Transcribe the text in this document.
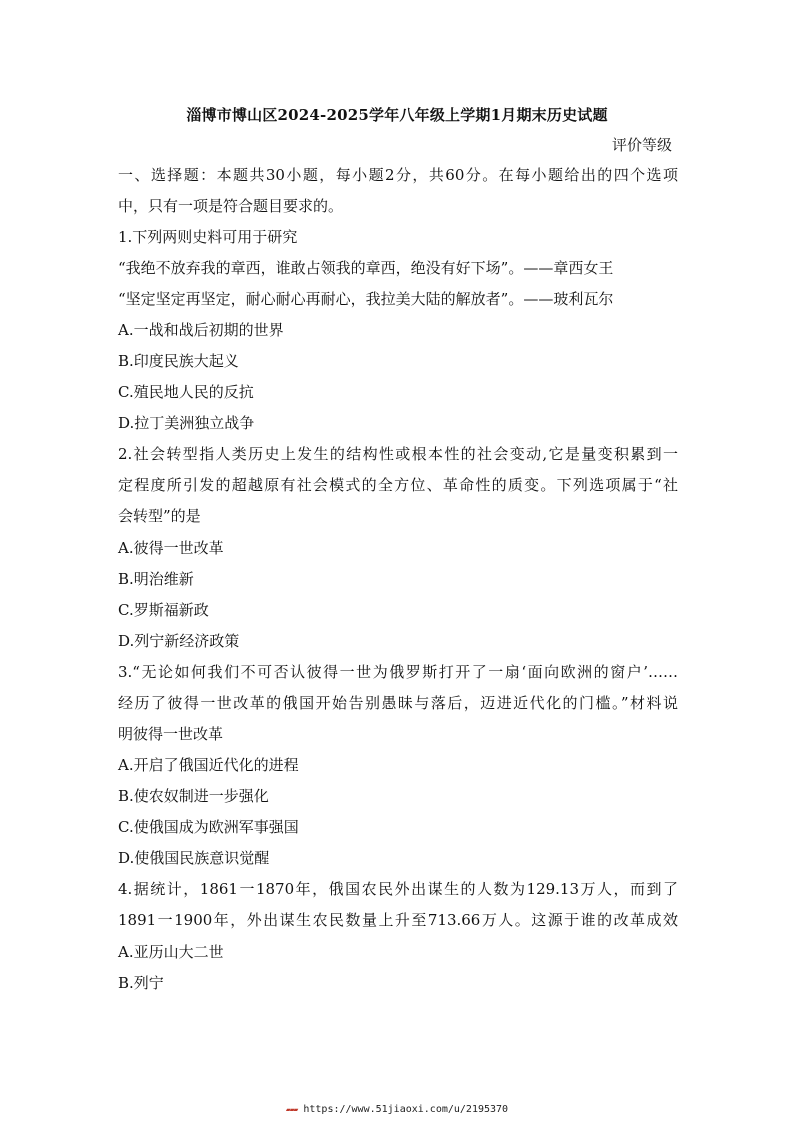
淄博市博山区2024-2025学年八年级上学期1月期末历史试题
评价等级
一、选择题：本题共30小题，每小题2分，共60分。在每小题给出的四个选项
中，只有一项是符合题目要求的。
1.下列两则史料可用于研究
“我绝不放弃我的章西，谁敢占领我的章西，绝没有好下场”。——章西女王
“坚定坚定再坚定，耐心耐心再耐心，我拉美大陆的解放者”。——玻利瓦尔
A.一战和战后初期的世界
B.印度民族大起义
C.殖民地人民的反抗
D.拉丁美洲独立战争
2.社会转型指人类历史上发生的结构性或根本性的社会变动,它是量变积累到一
定程度所引发的超越原有社会模式的全方位、革命性的质变。下列选项属于“社
会转型”的是
A.彼得一世改革
B.明治维新
C.罗斯福新政
D.列宁新经济政策
3.“无论如何我们不可否认彼得一世为俄罗斯打开了一扇‘面向欧洲的窗户’……
经历了彼得一世改革的俄国开始告别愚昧与落后，迈进近代化的门槛。”材料说
明彼得一世改革
A.开启了俄国近代化的进程
B.使农奴制进一步强化
C.使俄国成为欧洲军事强国
D.使俄国民族意识觉醒
4.据统计，1861一1870年，俄国农民外出谋生的人数为129.13万人，而到了
1891一1900年，外出谋生农民数量上升至713.66万人。这源于谁的改革成效
A.亚历山大二世
B.列宁
▰▰▰ https://www.51jiaoxi.com/u/2195370
